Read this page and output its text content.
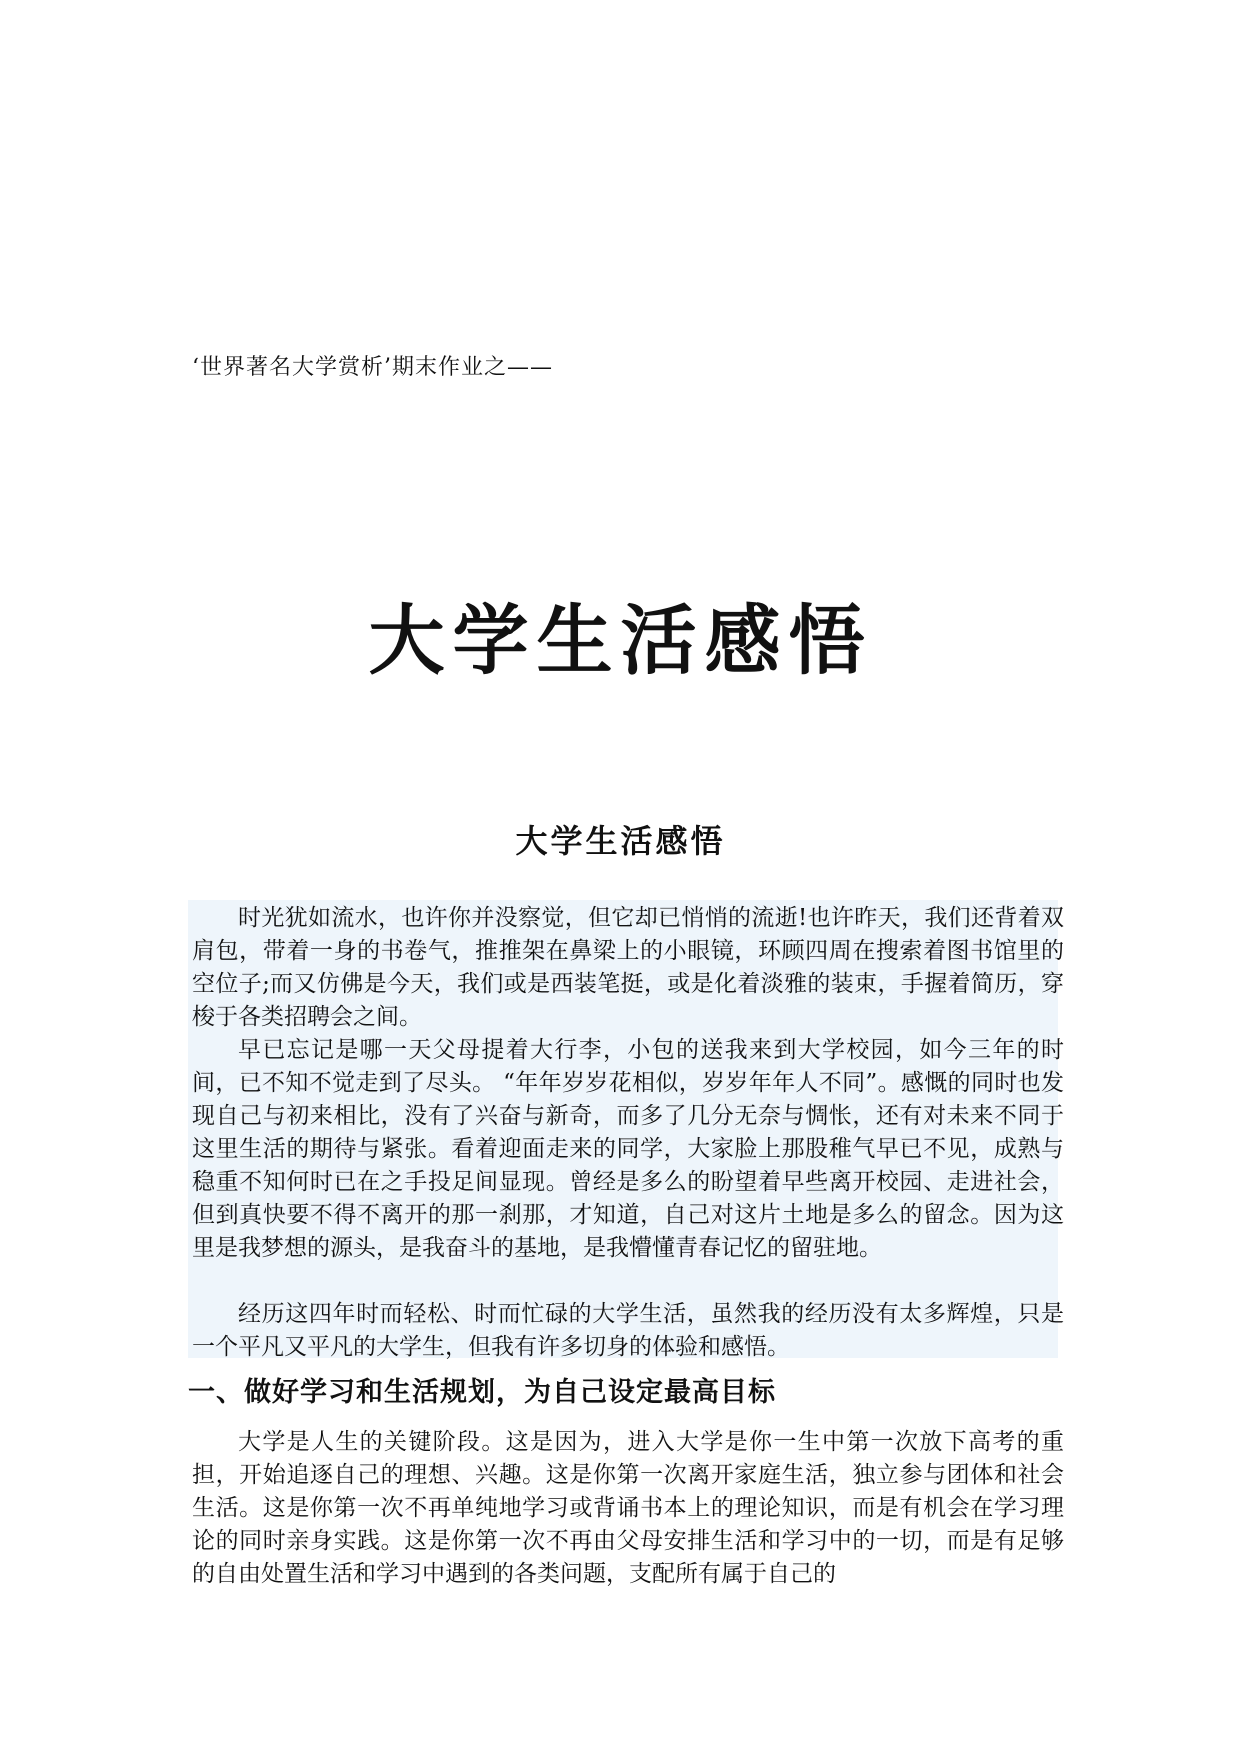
‘世界著名大学赏析’期末作业之——
大学生活感悟
大学生活感悟

时光犹如流水，也许你并没察觉，但它却已悄悄的流逝!也许昨天，我们还背着双肩包，带着一身的书卷气，推推架在鼻梁上的小眼镜，环顾四周在搜索着图书馆里的空位子;而又仿佛是今天，我们或是西装笔挺，或是化着淡雅的装束，手握着简历，穿梭于各类招聘会之间。

早已忘记是哪一天父母提着大行李，小包的送我来到大学校园，如今三年的时间，已不知不觉走到了尽头。 “年年岁岁花相似，岁岁年年人不同”。感慨的同时也发现自己与初来相比，没有了兴奋与新奇，而多了几分无奈与惆怅，还有对未来不同于这里生活的期待与紧张。看着迎面走来的同学，大家脸上那股稚气早已不见，成熟与稳重不知何时已在之手投足间显现。曾经是多么的盼望着早些离开校园、走进社会，但到真快要不得不离开的那一刹那，才知道，自己对这片土地是多么的留念。因为这里是我梦想的源头，是我奋斗的基地，是我懵懂青春记忆的留驻地。

经历这四年时而轻松、时而忙碌的大学生活，虽然我的经历没有太多辉煌，只是一个平凡又平凡的大学生，但我有许多切身的体验和感悟。

一、做好学习和生活规划，为自己设定最高目标

大学是人生的关键阶段。这是因为，进入大学是你一生中第一次放下高考的重担，开始追逐自己的理想、兴趣。这是你第一次离开家庭生活，独立参与团体和社会生活。这是你第一次不再单纯地学习或背诵书本上的理论知识，而是有机会在学习理论的同时亲身实践。这是你第一次不再由父母安排生活和学习中的一切，而是有足够的自由处置生活和学习中遇到的各类问题，支配所有属于自己的
